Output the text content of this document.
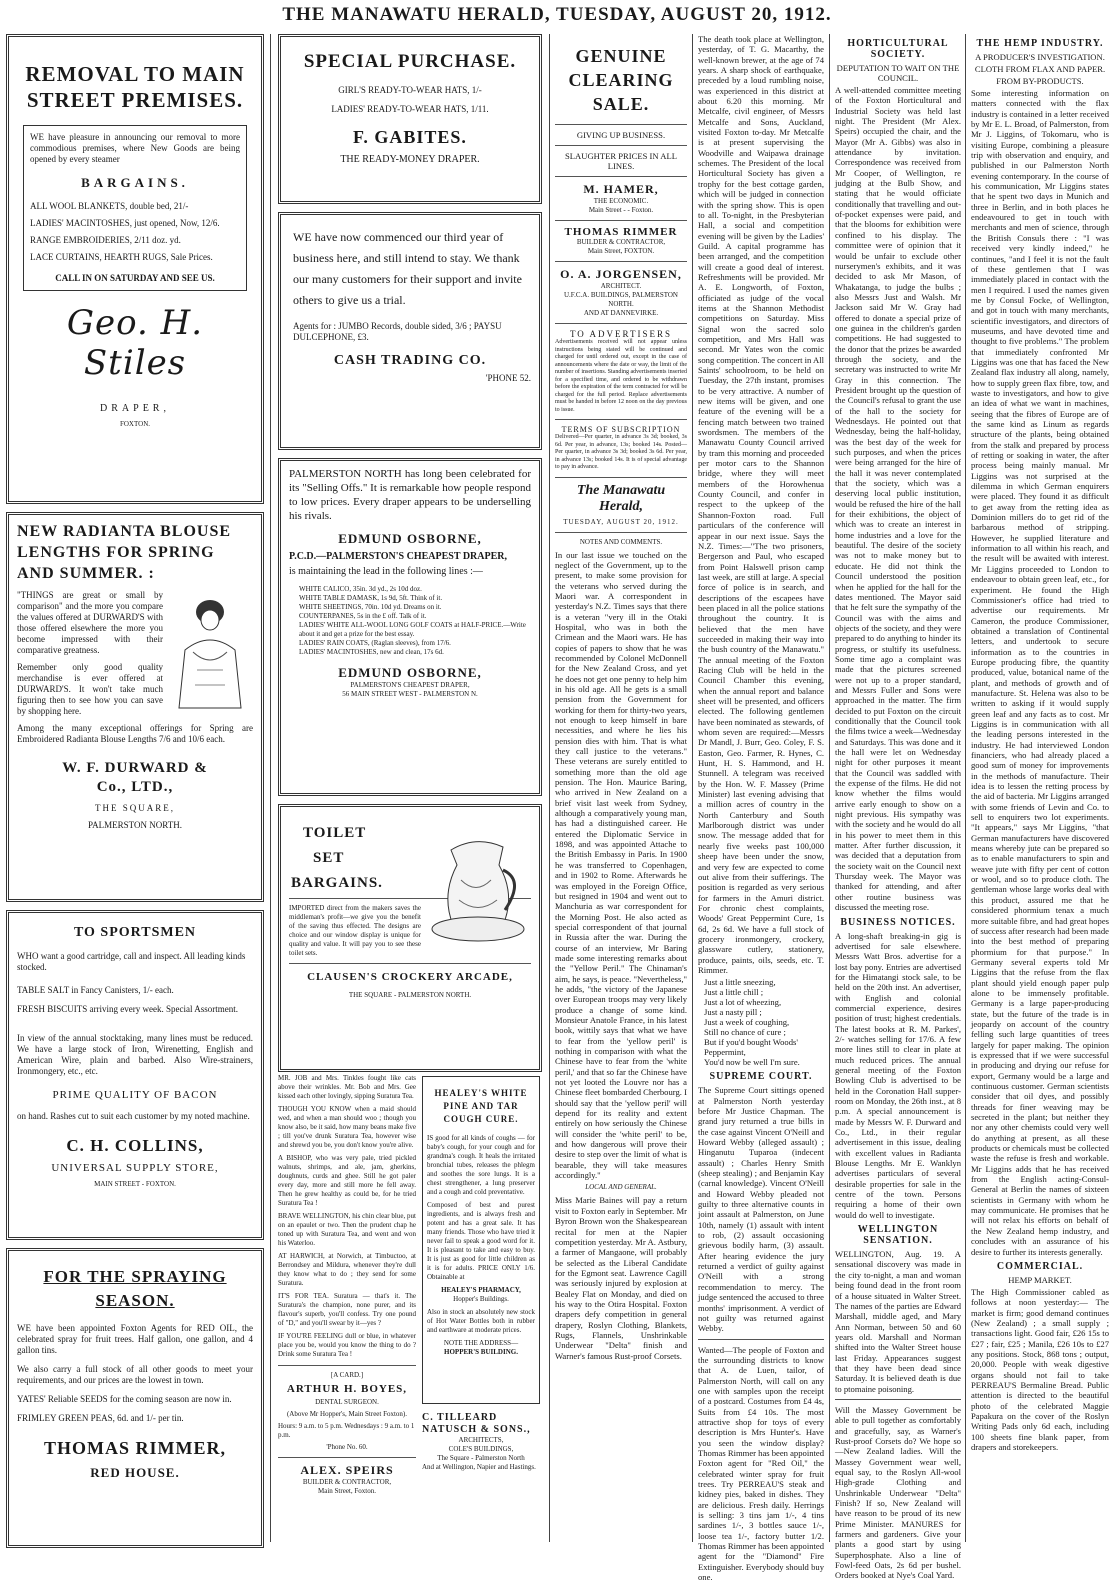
THE MANAWATU HERALD, TUESDAY, AUGUST 20, 1912.
REMOVAL TO MAIN STREET PREMISES.
WE have pleasure in announcing our removal to more commodious premises, where New Goods are being opened by every steamer
BARGAINS.
ALL WOOL BLANKETS, double bed, 21/-
LADIES' MACINTOSHES, just opened, Now, 12/6.
RANGE EMBROIDERIES, 2/11 doz. yd.
LACE CURTAINS, HEARTH RUGS, Sale Prices.
CALL IN ON SATURDAY AND SEE US.
Geo. H. Stiles
DRAPER,
FOXTON.
NEW RADIANTA BLOUSE LENGTHS FOR SPRING AND SUMMER. :
"THINGS are great or small by comparison" and the more you compare the values offered at DURWARD'S with those offered elsewhere the more you become impressed with their comparative greatness.
Remember only good quality merchandise is ever offered at DURWARD'S. It won't take much figuring then to see how you can save by shopping here.
Among the many exceptional offerings for Spring are Embroidered Radianta Blouse Lengths 7/6 and 10/6 each.
W. F. DURWARD & Co., LTD.,
THE SQUARE,
PALMERSTON NORTH.
TO SPORTSMEN
WHO want a good cartridge, call and inspect. All leading kinds stocked.
TABLE SALT in Fancy Canisters, 1/- each.
FRESH BISCUITS arriving every week. Special Assortment.
In view of the annual stocktaking, many lines must be reduced. We have a large stock of Iron, Wirenetting, English and American Wire, plain and barbed. Also Wire-strainers, Ironmongery, etc., etc.
PRIME QUALITY OF BACON
on hand. Rashes cut to suit each customer by my noted machine.
C. H. COLLINS,
UNIVERSAL SUPPLY STORE,
MAIN STREET - FOXTON.
FOR THE SPRAYING SEASON.
WE have been appointed Foxton Agents for RED OIL, the celebrated spray for fruit trees. Half gallon, one gallon, and 4 gallon tins.
We also carry a full stock of all other goods to meet your requirements, and our prices are the lowest in town.
YATES' Reliable SEEDS for the coming season are now in.
FRIMLEY GREEN PEAS, 6d. and 1/- per tin.
THOMAS RIMMER,
RED HOUSE.
SPECIAL PURCHASE.
GIRL'S READY-TO-WEAR HATS, 1/-
LADIES' READY-TO-WEAR HATS, 1/11.
F. GABITES.
THE READY-MONEY DRAPER.
WE have now commenced our third year of business here, and still intend to stay. We thank our many customers for their support and invite others to give us a trial.
Agents for : JUMBO Records, double sided, 3/6 ; PAYSU DULCEPHONE, £3.
CASH TRADING CO.
'PHONE 52.
PALMERSTON NORTH has long been celebrated for its "Selling Offs." It is remarkable how people respond to low prices. Every draper appears to be underselling his rivals.
EDMUND OSBORNE,
P.C.D.—PALMERSTON'S CHEAPEST DRAPER,
is maintaining the lead in the following lines :—
WHITE CALICO, 35in. 3d yd., 2s 10d doz.
WHITE TABLE DAMASK, 1s 9d, 5ft. Think of it.
WHITE SHEETINGS, 70in. 10d yd. Dreams on it.
COUNTERPANES, 5s in the £ off. Talk of it.
LADIES' WHITE ALL-WOOL LONG GOLF COATS at HALF-PRICE.—Write about it and get a prize for the best essay.
LADIES' RAIN COATS, (Raglan sleeves), from 17/6.
LADIES' MACINTOSHES, new and clean, 17s 6d.
EDMUND OSBORNE,
PALMERSTON'S CHEAPEST DRAPER,
56 MAIN STREET WEST - PALMERSTON N.
TOILET
SET
BARGAINS.
IMPORTED direct from the makers saves the middleman's profit—we give you the benefit of the saving thus effected. The designs are choice and our window display is unique for quality and value. It will pay you to see these toilet sets.
CLAUSEN'S CROCKERY ARCADE,
THE SQUARE - PALMERSTON NORTH.
MR. JOB and Mrs. Tinkles fought like cats above their wrinkles. Mr. Bob and Mrs. Gee kissed each other lovingly, sipping Suratura Tea.
THOUGH YOU KNOW when a maid should wed, and when a man should woo ; though you know also, be it said, how many beans make five ; till you've drunk Suratura Tea, however wise and shrewd you be, you don't know you're alive.
A BISHOP, who was very pale, tried pickled walnuts, shrimps, and ale, jam, gherkins, doughnuts, curds and ghee. Still he got paler every day, more and still more he fell away. Then he grew healthy as could be, for he tried Suratura Tea !
BRAVE WELLINGTON, his chin clear blue, put on an epaulet or two. Then the prudent chap he toned up with Suratura Tea, and went and won his Waterloo.
AT HARWICH, at Norwich, at Timbuctoo, at Berrondsey and Mildura, whenever they're dull they know what to do ; they send for some Suratura.
IT'S FOR TEA. Suratura — that's it. The Suratura's the champion, none purer, and its flavour's superb, you'll confess. Try one pound of "D," and you'll swear by it—yes ?
IF YOU'RE FEELING dull or blue, in whatever place you be, would you know the thing to do ? Drink some Suratura Tea !
[A CARD.]
ARTHUR H. BOYES,
DENTAL SURGEON.
(Above Mr Hopper's, Main Street Foxton).
Hours: 9 a.m. to 5 p.m. Wednesdays : 9 a.m. to 1 p.m.
'Phone No. 60.
ALEX. SPEIRS
BUILDER & CONTRACTOR,
Main Street, Foxton.
HEALEY'S WHITE PINE AND TAR COUGH CURE.
IS good for all kinds of coughs — for baby's cough, for your cough and for grandma's cough. It heals the irritated bronchial tubes, releases the phlegm and soothes the sore lungs. It is a chest strengthener, a lung preserver and a cough and cold preventative.
Composed of best and purest ingredients, and is always fresh and potent and has a great sale. It has many friends. Those who have tried it never fail to speak a good word for it. It is pleasant to take and easy to buy. It is just as good for little children as it is for adults. PRICE ONLY 1/6. Obtainable at
HEALEY'S PHARMACY,
Hopper's Buildings.
Also in stock an absolutely new stock of Hot Water Bottles both in rubber and earthware at moderate prices.
NOTE THE ADDRESS—
HOPPER'S BUILDING.
C. TILLEARD NATUSCH & SONS.,
ARCHITECTS,
COLE'S BUILDINGS,
The Square - Palmerston North
And at Wellington, Napier and Hastings.
GENUINE CLEARING SALE.
GIVING UP BUSINESS.
SLAUGHTER PRICES IN ALL LINES.
M. HAMER,
THE ECONOMIC.
Main Street - - Foxton.
THOMAS RIMMER
BUILDER & CONTRACTOR,
Main Street, FOXTON.
O. A. JORGENSEN,
ARCHITECT.
U.F.C.A. BUILDINGS, PALMERSTON NORTH.
AND AT DANNEVIRKE.
TO ADVERTISERS
Advertisements received will not appear unless instructions being stated will be continued and charged for until ordered out, except in the case of announcements where the date or way, the limit of the number of insertions. Standing advertisements inserted for a specified time, and ordered to be withdrawn before the expiration of the term contracted for will be charged for the full period. Replace advertisements must be handed in before 12 noon on the day previous to issue.
TERMS OF SUBSCRIPTION
Delivered—Per quarter, in advance 3s 3d; booked, 3s 6d. Per year, in advance, 13s; booked 14s. Posted—Per quarter, in advance 3s 3d; booked 3s 6d. Per year, in advance 13s; booked 14s. It is of special advantage to pay in advance.
The Manawatu Herald,
TUESDAY, AUGUST 20, 1912.
NOTES AND COMMENTS.
In our last issue we touched on the neglect of the Government, up to the present, to make some provision for the veterans who served during the Maori war. A correspondent in yesterday's N.Z. Times says that there is a veteran "very ill in the Otaki Hospital, who was in both the Crimean and the Maori wars. He has copies of papers to show that he was recommended by Colonel McDonnell for the New Zealand Cross, and yet he does not get one penny to help him in his old age. All he gets is a small pension from the Government for working for them for thirty-two years, not enough to keep himself in bare necessities, and where he lies his pension dies with him. That is what they call justice to the veterans." These veterans are surely entitled to something more than the old age pension. The Hon. Maurice Baring, who arrived in New Zealand on a brief visit last week from Sydney, although a comparatively young man, has had a distinguished career. He entered the Diplomatic Service in 1898, and was appointed Attache to the British Embassy in Paris. In 1900 he was transferred to Copenhagen, and in 1902 to Rome. Afterwards he was employed in the Foreign Office, but resigned in 1904 and went out to Manchuria as war correspondent for the Morning Post. He also acted as special correspondent of that journal in Russia after the war. During the course of an interview, Mr Baring made some interesting remarks about the "Yellow Peril." The Chinaman's aim, he says, is peace. "Nevertheless," he adds, "the victory of the Japanese over European troops may very likely produce a change of some kind. Monsieur Anatole France, in his latest book, wittily says that what we have to fear from the 'yellow peril' is nothing in comparison with what the Chinese have to fear from the 'white peril,' and that so far the Chinese have not yet looted the Louvre nor has a Chinese fleet bombarded Cherbourg. I should say that the 'yellow peril' will depend for its reality and extent entirely on how seriously the Chinese will consider the 'white peril' to be, and how dangerous will prove their desire to step over the limit of what is bearable, they will take measures accordingly."
LOCAL AND GENERAL.
Miss Marie Baines will pay a return visit to Foxton early in September. Mr Byron Brown won the Shakespearean recital for men at the Napier competition yesterday. Mr A. Astbury, a farmer of Mangaone, will probably be selected as the Liberal Candidate for the Egmont seat. Lawrence Cagill was seriously injured by explosion at Bealey Flat on Monday, and died on his way to the Otira Hospital. Foxton drapers defy competition in general drapery, Roslyn Clothing, Blankets, Rugs, Flannels, Unshrinkable Underwear "Delta" finish and Warner's famous Rust-proof Corsets.
The death took place at Wellington, yesterday, of T. G. Macarthy, the well-known brewer, at the age of 74 years. A sharp shock of earthquake, preceded by a loud rumbling noise, was experienced in this district at about 6.20 this morning. Mr Metcalfe, civil engineer, of Messrs Metcalfe and Sons, Auckland, visited Foxton to-day. Mr Metcalfe is at present supervising the Woodville and Waipawa drainage schemes. The President of the local Horticultural Society has given a trophy for the best cottage garden, which will be judged in connection with the spring show. This is open to all. To-night, in the Presbyterian Hall, a social and competition evening will be given by the Ladies' Guild. A capital programme has been arranged, and the competition will create a good deal of interest. Refreshments will be provided. Mr A. E. Longworth, of Foxton, officiated as judge of the vocal items at the Shannon Methodist competitions on Saturday. Miss Signal won the sacred solo competition, and Mrs Hall was second. Mr Yates won the comic song competition. The concert in All Saints' schoolroom, to be held on Tuesday, the 27th instant, promises to be very attractive. A number of new items will be given, and one feature of the evening will be a fencing match between two trained swordsmen. The members of the Manawatu County Council arrived by tram this morning and proceeded per motor cars to the Shannon bridge, where they will meet members of the Horowhenua County Council, and confer in respect to the upkeep of the Shannon-Foxton road. Full particulars of the conference will appear in our next issue. Says the N.Z. Times:—"The two prisoners, Bergerson and Paul, who escaped from Point Halswell prison camp last week, are still at large. A special force of police is in search, and descriptions of the escapees have been placed in all the police stations throughout the country. It is believed that the men have succeeded in making their way into the bush country of the Manawatu." The annual meeting of the Foxton Racing Club will be held in the Council Chamber this evening, when the annual report and balance sheet will be presented, and officers elected. The following gentlemen have been nominated as stewards, of whom seven are required:—Messrs Dr Mandl, J. Burr, Geo. Coley, F. S. Easton, Geo. Farmer, R. Hynes, C. Hunt, H. S. Hammond, and H. Stunnell. A telegram was received by the Hon. W. F. Massey (Prime Minister) last evening advising that a million acres of country in the North Canterbury and South Marlborough district was under snow. The message added that for nearly five weeks past 100,000 sheep have been under the snow, and very few are expected to come out alive from their sufferings. The position is regarded as very serious for farmers in the Amuri district. For chronic chest complaints, Woods' Great Peppermint Cure, 1s 6d, 2s 6d. We have a full stock of grocery ironmongery, crockery, glassware cutlery, stationery, produce, paints, oils, seeds, etc. T. Rimmer.
Just a little sneezing,
Just a little chill ;
Just a lot of wheezing,
Just a nasty pill ;
Just a week of coughing,
Still no chance of cure ;
But if you'd bought Woods' Peppermint,
You'd now be well I'm sure.
SUPREME COURT.
The Supreme Court sittings opened at Palmerston North yesterday before Mr Justice Chapman. The grand jury returned a true bills in the case against Vincent O'Neill and Howard Webby (alleged assault) ; Hinganutu Tuparoa (indecent assault) ; Charles Henry Smith (sheep stealing) ; and Benjamin Kay (carnal knowledge). Vincent O'Neill and Howard Webby pleaded not guilty to three alternative counts in joint assault at Palmerston, on June 10th, namely (1) assault with intent to rob, (2) assault occasioning grievous bodily harm, (3) assault. After hearing evidence the jury returned a verdict of guilty against O'Neill with a strong recommendation to mercy. The judge sentenced the accused to three months' imprisonment. A verdict of not guilty was returned against Webby.
Wanted—The people of Foxton and the surrounding districts to know that A. de Luen, tailor, of Palmerston North, will call on any one with samples upon the receipt of a postcard. Costumes from £4 4s, Suits from £4 10s. The most attractive shop for toys of every description is Mrs Hunter's. Have you seen the window display? Thomas Rimmer has been appointed Foxton agent for "Red Oil," the celebrated winter spray for fruit trees. Try PERREAU'S steak and kidney pies, baked in dishes. They are delicious. Fresh daily. Herrings is selling: 3 tins jam 1/-, 4 tins sardines 1/-, 3 bottles sauce 1/-, loose tea 1/-, factory butter 1/2. Thomas Rimmer has been appointed agent for the "Diamond" Fire Extinguisher. Everybody should buy one.
HORTICULTURAL SOCIETY.
DEPUTATION TO WAIT ON THE COUNCIL.
A well-attended committee meeting of the Foxton Horticultural and Industrial Society was held last night. The President (Mr Alex. Speirs) occupied the chair, and the Mayor (Mr A. Gibbs) was also in attendance by invitation. Correspondence was received from Mr Cooper, of Wellington, re judging at the Bulb Show, and stating that he would officiate conditionally that travelling and out-of-pocket expenses were paid, and that the blooms for exhibition were confined to his display. The committee were of opinion that it would be unfair to exclude other nurserymen's exhibits, and it was decided to ask Mr Mason, of Whakatanga, to judge the bulbs ; also Messrs Just and Walsh. Mr Jackson said Mr W. Gray had offered to donate a special prize of one guinea in the children's garden competitions. He had suggested to the donor that the prizes be awarded through the society, and the secretary was instructed to write Mr Gray in this connection. The President brought up the question of the Council's refusal to grant the use of the hall to the society for Wednesdays. He pointed out that Wednesday, being the half-holiday, was the best day of the week for such purposes, and when the prices were being arranged for the hire of the hall it was never contemplated that the society, which was a deserving local public institution, would be refused the hire of the hall for their exhibitions, the object of which was to create an interest in home industries and a love for the beautiful. The desire of the society was not to make money but to educate. He did not think the Council understood the position when he applied for the hall for the dates mentioned. The Mayor said that he felt sure the sympathy of the Council was with the aims and objects of the society, and they were prepared to do anything to hinder its progress, or stultify its usefulness. Some time ago a complaint was made that the pictures screened were not up to a proper standard, and Messrs Fuller and Sons were approached in the matter. The firm decided to put Foxton on the circuit conditionally that the Council took the films twice a week—Wednesday and Saturdays. This was done and it the hall were let on Wednesday night for other purposes it meant that the Council was saddled with the expense of the films. He did not know whether the films would arrive early enough to show on a night previous. His sympathy was with the society and he would do all in his power to meet them in this matter. After further discussion, it was decided that a deputation from the society wait on the Council next Thursday week. The Mayor was thanked for attending, and after other routine business was discussed the meeting rose.
BUSINESS NOTICES.
A long-shaft breaking-in gig is advertised for sale elsewhere. Messrs Watt Bros. advertise for a lost bay pony. Entries are advertised for the Himatangi stock sale, to be held on the 20th inst. An advertiser, with English and colonial commercial experience, desires position of trust; highest credentials. The latest books at R. M. Parkes', 2/- watches selling for 17/6. A few more lines still to clear in plate at much reduced prices. The annual general meeting of the Foxton Bowling Club is advertised to be held in the Coronation Hall supper-room on Monday, the 26th inst., at 8 p.m. A special announcement is made by Messrs W. F. Durward and Co., Ltd., in their regular advertisement in this issue, dealing with excellent values in Radianta Blouse Lengths. Mr E. Wanklyn advertises particulars of several desirable properties for sale in the centre of the town. Persons requiring a home of their own would do well to investigate.
WELLINGTON SENSATION.
WELLINGTON, Aug. 19. A sensational discovery was made in the city to-night, a man and woman being found dead in the front room of a house situated in Walter Street. The names of the parties are Edward Marshall, middle aged, and Mary Ann Norman, between 50 and 60 years old. Marshall and Norman shifted into the Walter Street house last Friday. Appearances suggest that they have been dead since Saturday. It is believed death is due to ptomaine poisoning.
Will the Massey Government be able to pull together as comfortably and gracefully, say, as Warner's Rust-proof Corsets do? We hope so—New Zealand ladies. Will the Massey Government wear well, equal say, to the Roslyn All-wool High-grade Clothing and Unshrinkable Underwear "Delta" Finish? If so, New Zealand will have reason to be proud of its new Prime Minister. MANURES for farmers and gardeners. Give your plants a good start by using Superphosphate. Also a line of Fowl-feed Oats, 2s 6d per bushel. Orders booked at Nye's Coal Yard.
THE HEMP INDUSTRY.
A PRODUCER'S INVESTIGATION.
CLOTH FROM FLAX AND PAPER.
FROM BY-PRODUCTS.
Some interesting information on matters connected with the flax industry is contained in a letter received by Mr E. L. Broad, of Palmerston, from Mr J. Liggins, of Tokomaru, who is visiting Europe, combining a pleasure trip with observation and enquiry, and published in our Palmerston North evening contemporary. In the course of his communication, Mr Liggins states that he spent two days in Munich and three in Berlin, and in both places he endeavoured to get in touch with merchants and men of science, through the British Consuls there : "I was received very kindly indeed," he continues, "and I feel it is not the fault of these gentlemen that I was immediately placed in contact with the men I required. I used the names given me by Consul Focke, of Wellington, and got in touch with many merchants, scientific investigators, and directors of museums, and have devoted time and thought to five problems." The problem that immediately confronted Mr Liggins was one that has faced the New Zealand flax industry all along, namely, how to supply green flax fibre, tow, and waste to investigators, and how to give an idea of what we want in machines, seeing that the fibres of Europe are of the same kind as Linum as regards structure of the plants, being obtained from the stalk and prepared by process of retting or soaking in water, the after process being mainly manual. Mr Liggins was not surprised at the dilemma in which German enquirers were placed. They found it as difficult to get away from the retting idea as Dominion millers do to get rid of the barbarous method of stripping. However, he supplied literature and information to all within his reach, and the result will be awaited with interest. Mr Liggins proceeded to London to endeavour to obtain green leaf, etc., for experiment. He found the High Commissioner's office had tried to advertise our requirements. Mr Cameron, the produce Commissioner, obtained a translation of Continental letters, and undertook to secure information as to the countries in Europe producing fibre, the quantity produced, value, botanical name of the plant, and methods of growth and of manufacture. St. Helena was also to be written to asking if it would supply green leaf and any facts as to cost. Mr Liggins is in communication with all the leading persons interested in the industry. He had interviewed London financiers, who had already placed a good sum of money for improvements in the methods of manufacture. Their idea is to lessen the retting process by the aid of bacteria. Mr Liggins arranged with some friends of Levin and Co. to sell to enquirers two lot experiments. "It appears," says Mr Liggins, "that German manufacturers have discovered means whereby jute can be prepared so as to enable manufacturers to spin and weave jute with fifty per cent of cotton or wool, and so to produce cloth. The gentleman whose large works deal with this product, assured me that he considered phormium tenax a much more suitable fibre, and had great hopes of success after research had been made into the best method of preparing phormium for that purpose." In Germany several experts told Mr Liggins that the refuse from the flax plant should yield enough paper pulp alone to be immensely profitable. Germany is a large paper-producing state, but the future of the trade is in jeopardy on account of the country felling such large quantities of trees largely for paper making. The opinion is expressed that if we were successful in producing and drying our refuse for export, Germany would be a large and continuous customer. German scientists consider that oil dyes, and possibly threads for finer weaving may be secreted in the plant; but neither they nor any other chemists could very well do anything at present, as all these products or chemicals must be collected waste the refuse is fresh and workable. Mr Liggins adds that he has received from the English acting-Consul-General at Berlin the names of sixteen scientists in Germany with whom he may communicate. He promises that he will not relax his efforts on behalf of the New Zealand hemp industry, and concludes with an assurance of his desire to further its interests generally.
COMMERCIAL.
HEMP MARKET.
The High Commissioner cabled as follows at noon yesterday:— The market is firm; good demand continues (New Zealand) ; a small supply ; transactions light. Good fair, £26 15s to £27 ; fair, £25 ; Manila, £26 10s to £27 any positions. Stock, 868 tons ; output, 20,000. People with weak digestive organs should not fail to take PERREAU'S Bermaline Bread. Public attention is directed to the beautiful photo of the celebrated Maggie Papakura on the cover of the Roslyn Writing Pads only 6d each, including 100 sheets fine blank paper, from drapers and storekeepers.
